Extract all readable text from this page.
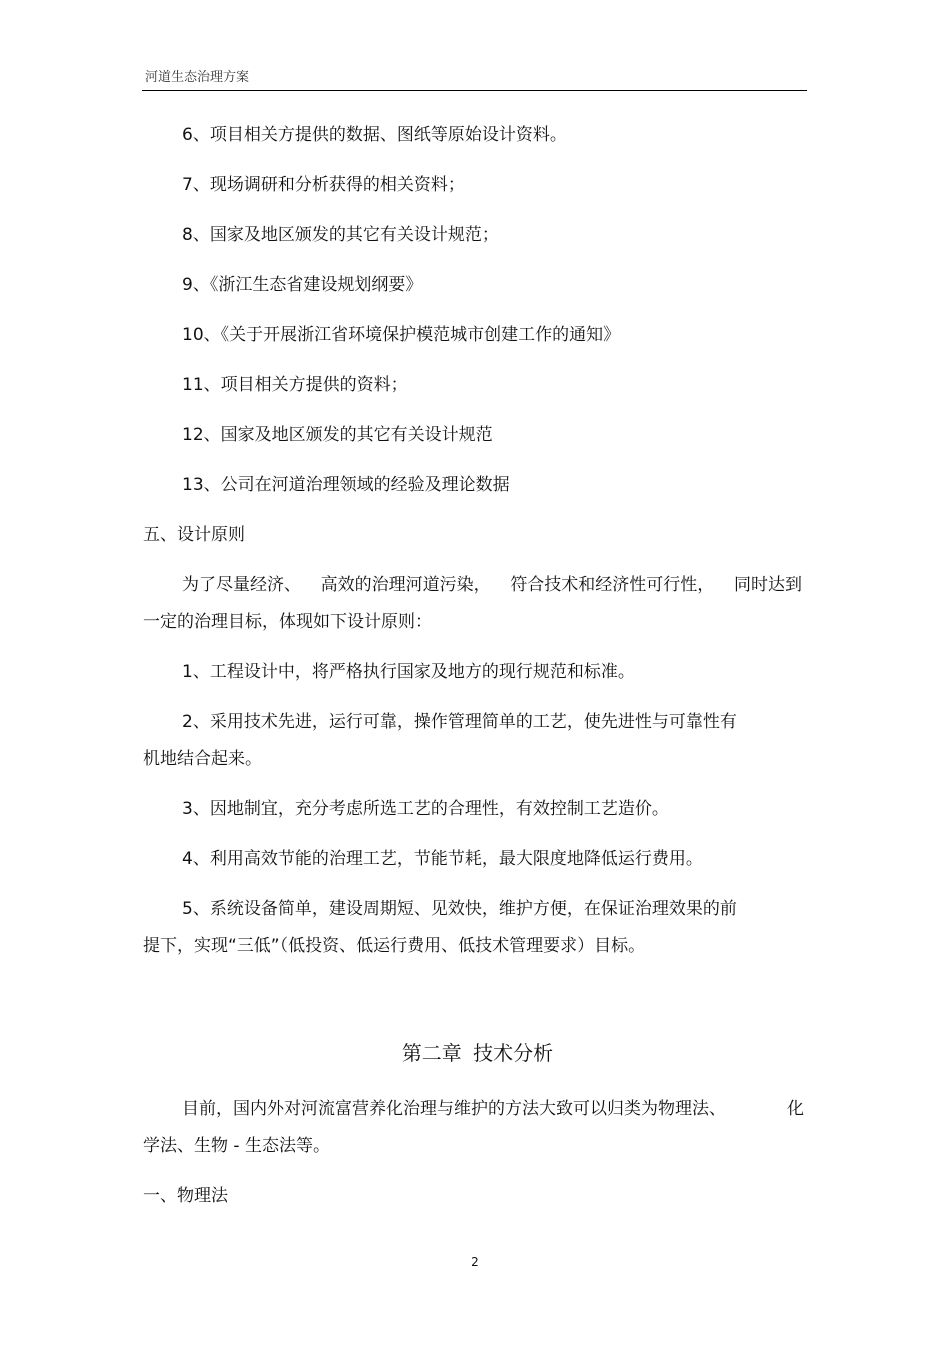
河道生态治理方案
6、项目相关方提供的数据、图纸等原始设计资料。
7、现场调研和分析获得的相关资料；
8、国家及地区颁发的其它有关设计规范；
9、《浙江生态省建设规划纲要》
10、《关于开展浙江省环境保护模范城市创建工作的通知》
11、项目相关方提供的资料；
12、国家及地区颁发的其它有关设计规范
13、公司在河道治理领域的经验及理论数据
五、设计原则
为了尽量经济、 高效的治理河道污染， 符合技术和经济性可行性， 同时达到
一定的治理目标，体现如下设计原则：
1、工程设计中，将严格执行国家及地方的现行规范和标准。
2、采用技术先进，运行可靠，操作管理简单的工艺，使先进性与可靠性有
机地结合起来。
3、因地制宜，充分考虑所选工艺的合理性，有效控制工艺造价。
4、利用高效节能的治理工艺，节能节耗，最大限度地降低运行费用。
5、系统设备简单，建设周期短、见效快，维护方便，在保证治理效果的前
提下，实现“三低”（低投资、低运行费用、低技术管理要求）目标。
第二章 技术分析
目前，国内外对河流富营养化治理与维护的方法大致可以归类为物理法、	化
学法、生物 - 生态法等。
一、物理法
2
